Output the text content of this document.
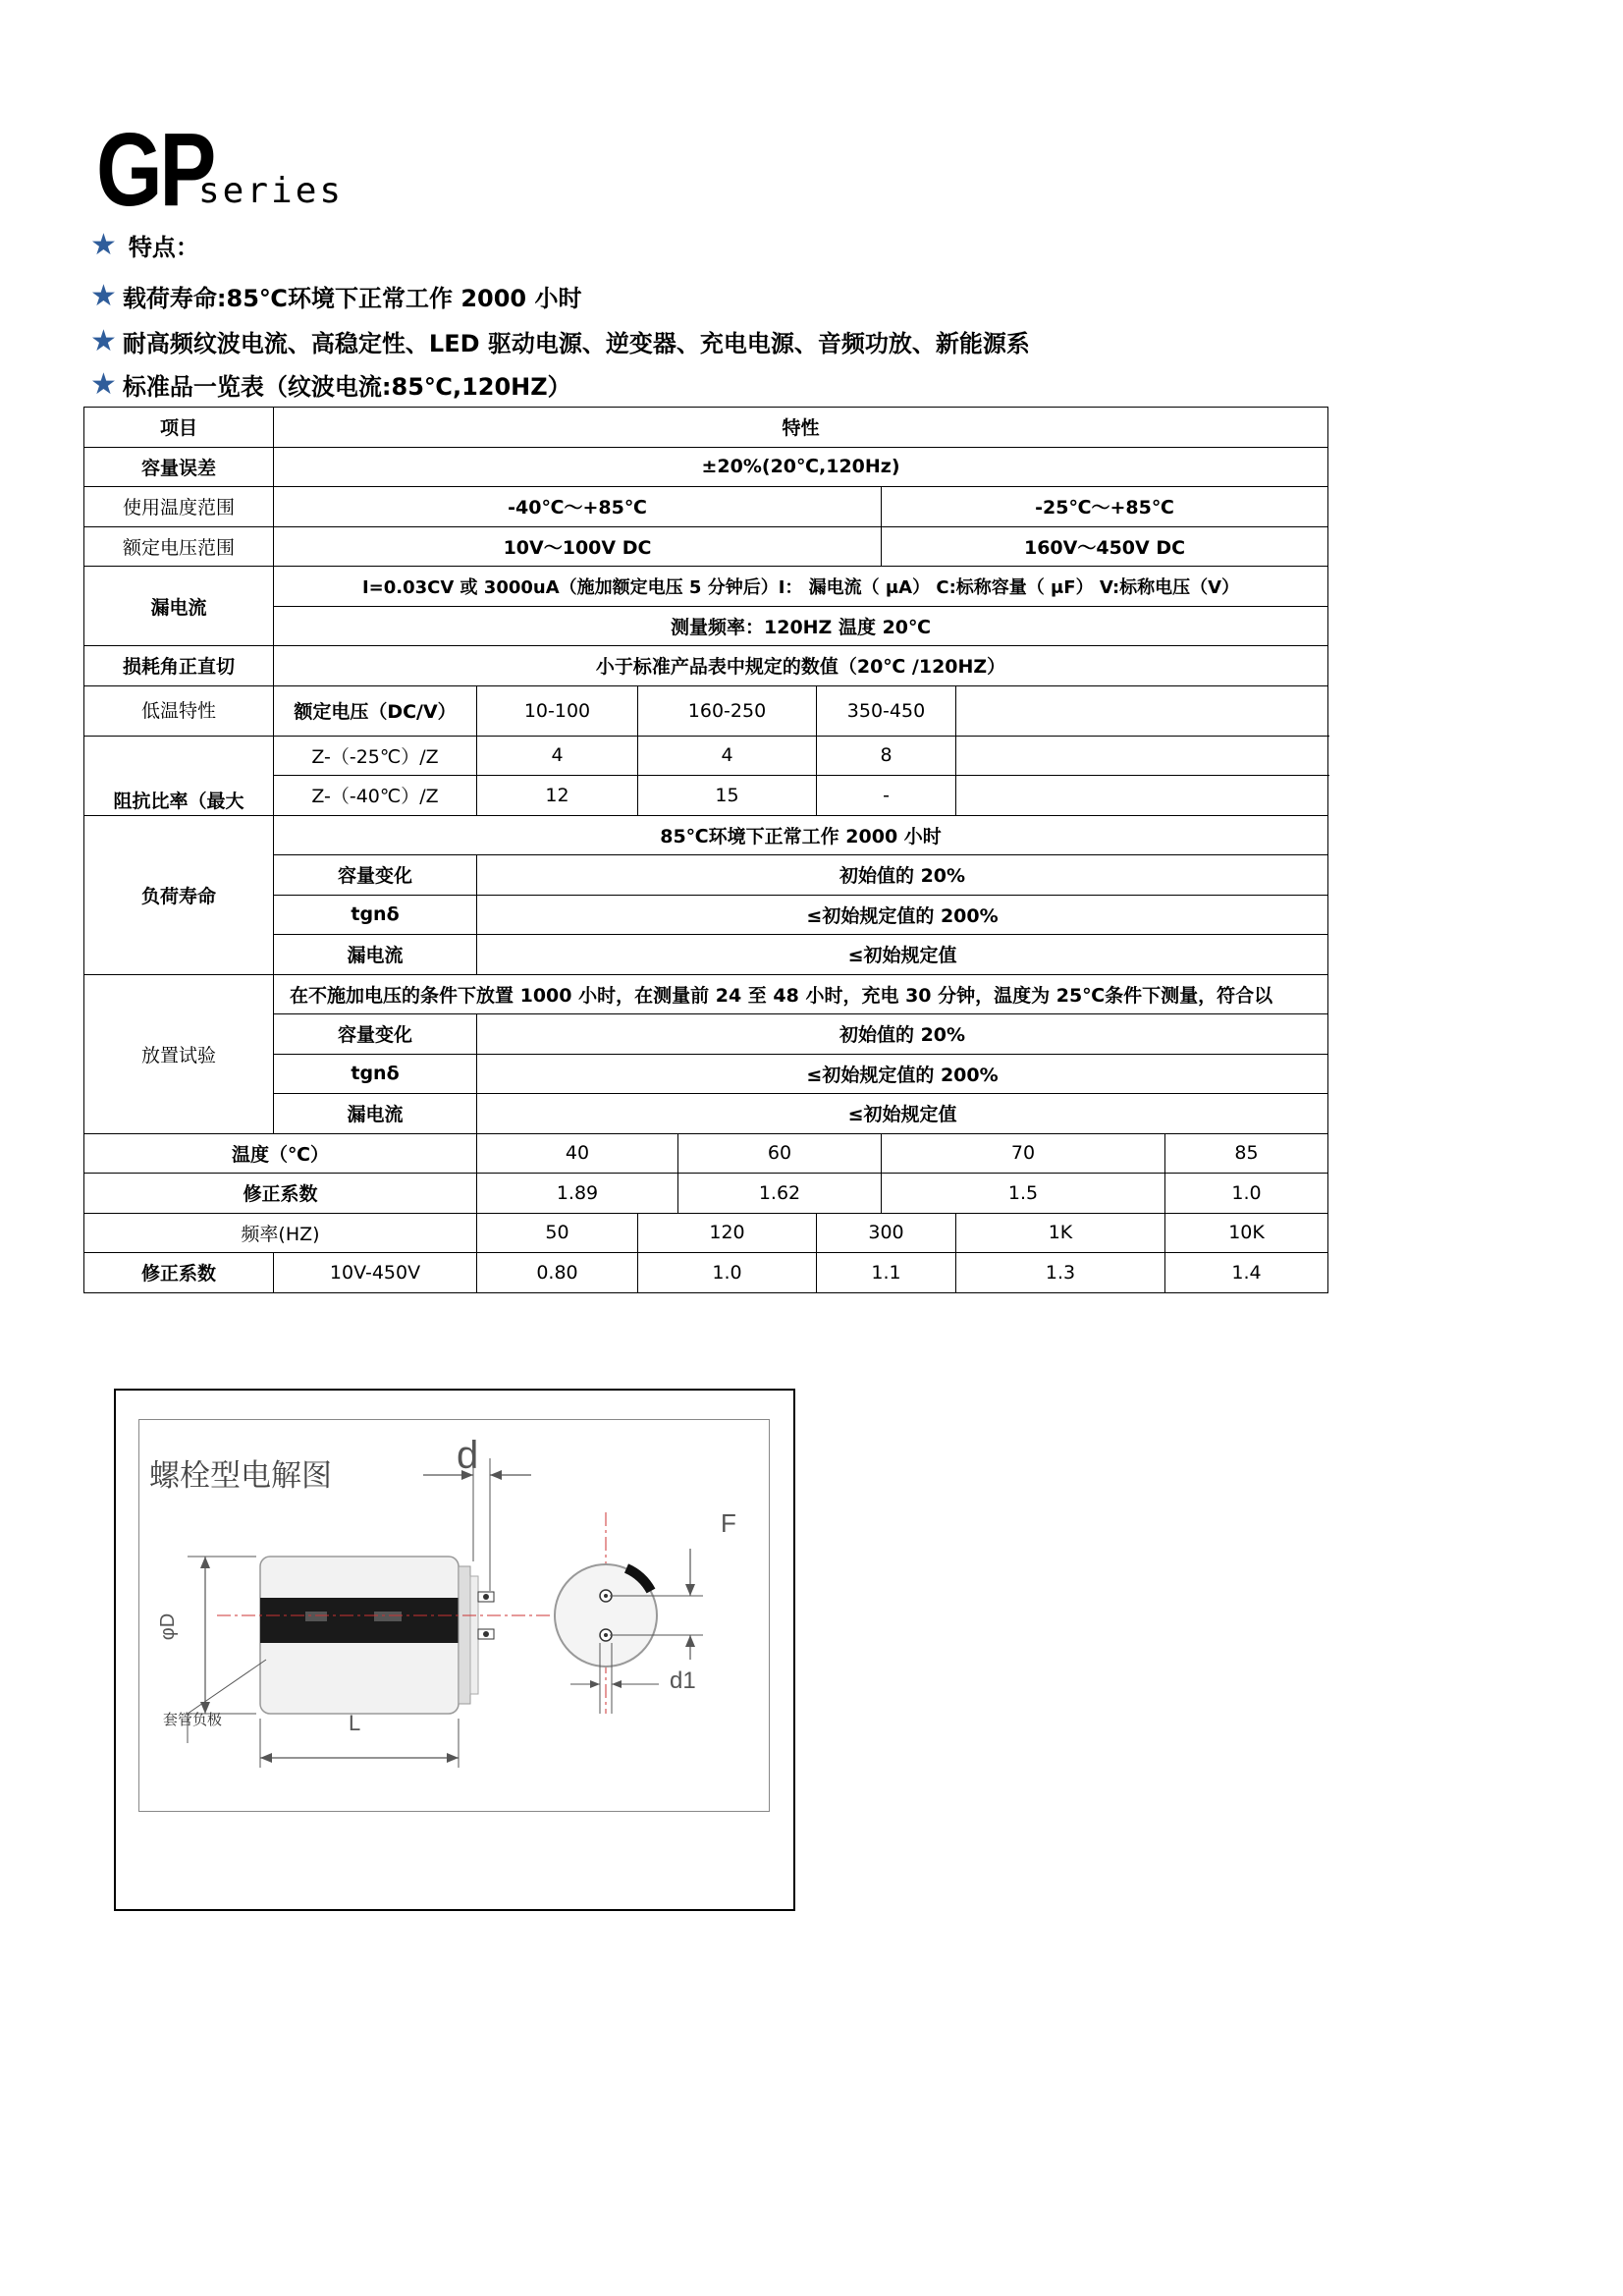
GP
series
★ 特点：
★ 载荷寿命:85℃环境下正常工作 2000 小时
★ 耐高频纹波电流、高稳定性、LED 驱动电源、逆变器、充电电源、音频功放、新能源系
★ 标准品一览表（纹波电流:85℃,120HZ）
项目	特性							
容量误差	±20%(20℃,120Hz)							
使用温度范围	-40℃～+85℃					-25℃～+85℃		
额定电压范围	10V～100V DC					160V～450V DC		
漏电流	I=0.03CV 或 3000uA（施加额定电压 5 分钟后）I： 漏电流（ μA） C:标称容量（ μF） V:标称电压（V）							
	测量频率：120HZ 温度 20℃							
损耗角正直切	小于标准产品表中规定的数值（20℃ /120HZ）							
低温特性	额定电压（DC/V）	10-100	160-250		350-450			
阻抗比率（最大	Z-（-25℃）/Z	4	4		8			
	Z-（-40℃）/Z	12	15		-			
负荷寿命	85℃环境下正常工作 2000 小时							
	容量变化	初始值的 20%						
	tgnδ	≤初始规定值的 200%						
	漏电流	≤初始规定值						
放置试验	在不施加电压的条件下放置 1000 小时，在测量前 24 至 48 小时，充电 30 分钟，温度为 25℃条件下测量，符合以							
	容量变化	初始值的 20%						
	tgnδ	≤初始规定值的 200%						
	漏电流	≤初始规定值						
温度（℃）		40		60		70		85
修正系数		1.89		1.62		1.5		1.0
频率(HZ)		50	120		300		1K	10K
修正系数	10V-450V	0.80	1.0		1.1		1.3	1.4
螺栓型电解图	d
F
φD
L
d1
套管负极
